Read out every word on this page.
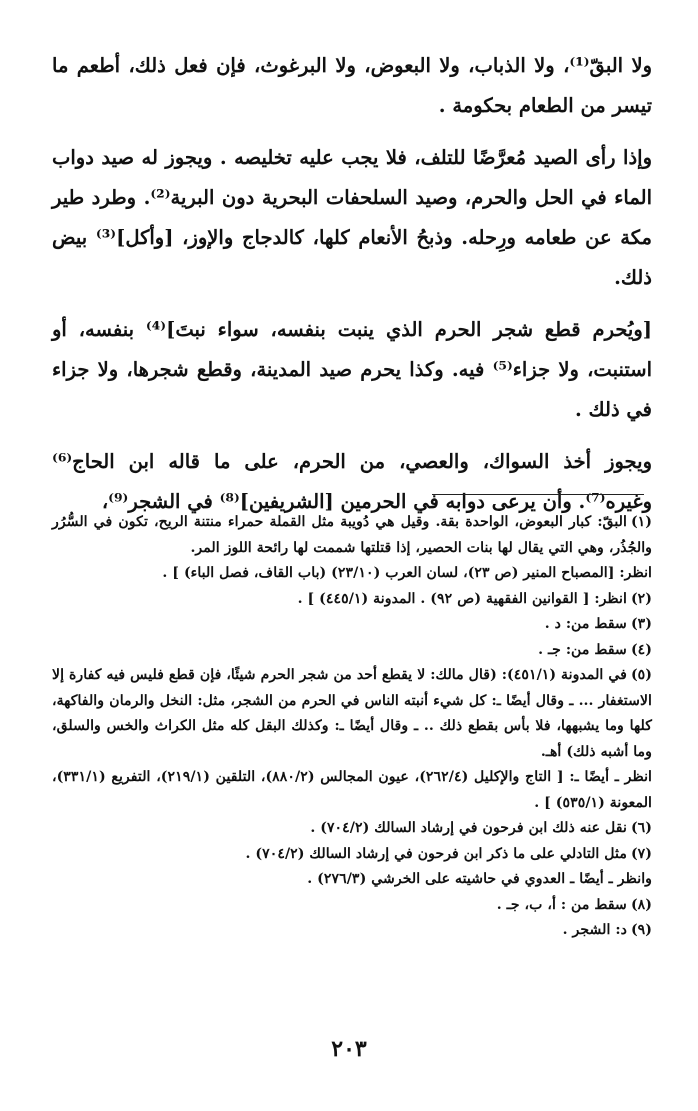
ولا البقّ⁽¹⁾، ولا الذباب، ولا البعوض، ولا البرغوث، فإن فعل ذلك، أطعم ما تيسر من الطعام بحكومة .

وإذا رأى الصيد مُعرَّضًا للتلف، فلا يجب عليه تخليصه . ويجوز له صيد دواب الماء في الحل والحرم، وصيد السلحفات البحرية دون البرية⁽²⁾. وطرد طير مكة عن طعامه ورِحله. وذبحُ الأنعام كلها، كالدجاج والإوز، [وأكل]⁽³⁾ بيض ذلك.

[ويُحرم قطع شجر الحرم الذي ينبت بنفسه، سواء نبتَ]⁽⁴⁾ بنفسه، أو استنبت، ولا جزاء⁽⁵⁾ فيه. وكذا يحرم صيد المدينة، وقطع شجرها، ولا جزاء في ذلك .

ويجوز أخذ السواك، والعصي، من الحرم، على ما قاله ابن الحاج⁽⁶⁾ وغيره⁽⁷⁾. وأن يرعى دوابه في الحرمين [الشريفين]⁽⁸⁾ في الشجر⁽⁹⁾،

(١)البقّ: كبار البعوض، الواحدة بقة. وقيل هي دُويبة مثل القملة حمراء منتنة الريح، تكون في السُّرُر والجُذُر، وهي التي يقال لها بنات الحصير، إذا قتلتها شممت لها رائحة اللوز المر.
انظر: [المصباح المنير (ص ٢٣)، لسان العرب (٢٣/١٠) (باب القاف، فصل الباء) ] .
(٢)انظر: [ القوانين الفقهية (ص ٩٢) . المدونة (٤٤٥/١) ] .
(٣)سقط من: د .
(٤)سقط من: جـ .
(٥)في المدونة (٤٥١/١): (قال مالك: لا يقطع أحد من شجر الحرم شيئًا، فإن قطع فليس فيه كفارة إلا الاستغفار ... ـ وقال أيضًا ـ: كل شيء أنبته الناس في الحرم من الشجر، مثل: النخل والرمان والفاكهة، كلها وما يشبهها، فلا بأس بقطع ذلك .. ـ وقال أيضًا ـ: وكذلك البقل كله مثل الكراث والخس والسلق، وما أشبه ذلك) أهـ.
انظر ـ أيضًا ـ: [ التاج والإكليل (٢٦٢/٤)، عيون المجالس (٨٨٠/٢)، التلقين (٢١٩/١)، التفريع (٣٣١/١)، المعونة (٥٣٥/١) ] .
(٦)نقل عنه ذلك ابن فرحون في إرشاد السالك (٧٠٤/٢) .
(٧)مثل التادلي على ما ذكر ابن فرحون في إرشاد السالك (٧٠٤/٢) .
وانظر ـ أيضًا ـ العدوي في حاشيته على الخرشي (٢٧٦/٣) .
(٨)سقط من : أ، ب، جـ .
(٩)د: الشجر .
٢٠٣
